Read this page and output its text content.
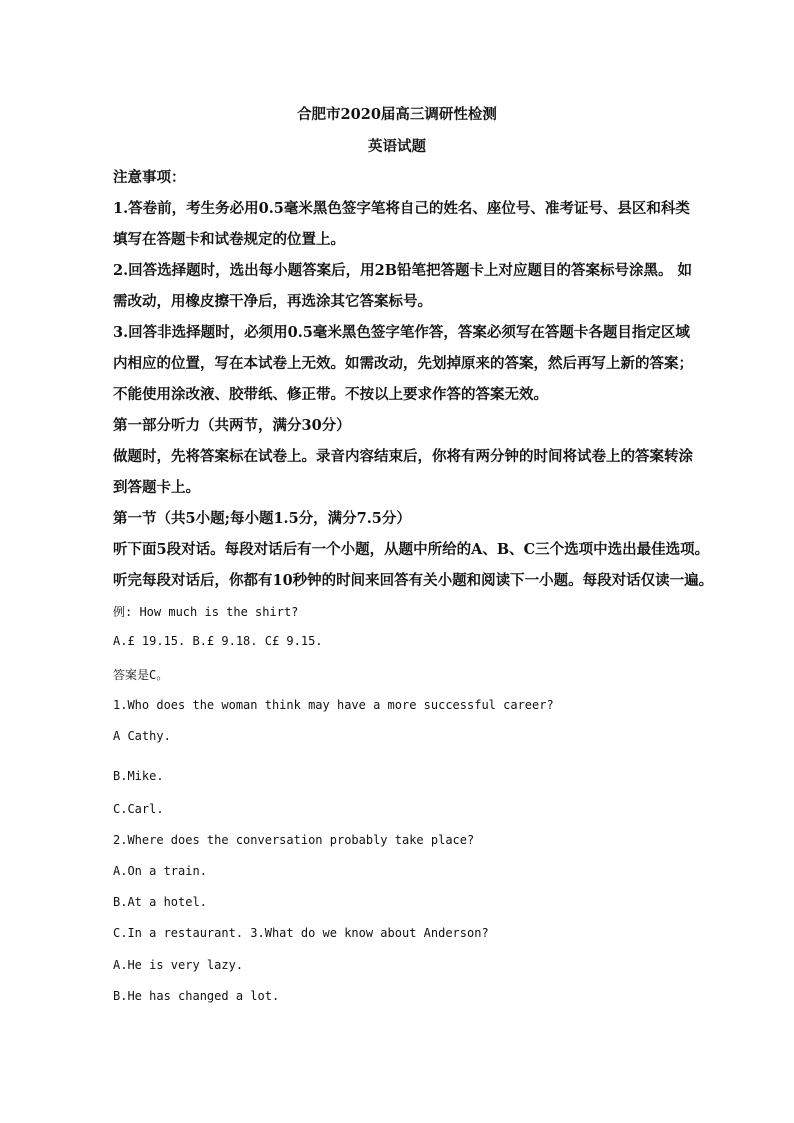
合肥市2020届高三调研性检测
英语试题
注意事项：
1.答卷前，考生务必用0.5毫米黑色签字笔将自己的姓名、座位号、准考证号、县区和科类
填写在答题卡和试卷规定的位置上。
2.回答选择题时，选出每小题答案后，用2B铅笔把答题卡上对应题目的答案标号涂黑。 如
需改动，用橡皮擦干净后，再选涂其它答案标号。
3.回答非选择题时，必须用0.5毫米黑色签字笔作答，答案必须写在答题卡各题目指定区域
内相应的位置，写在本试卷上无效。如需改动，先划掉原来的答案，然后再写上新的答案；
不能使用涂改液、胶带纸、修正带。不按以上要求作答的答案无效。
第一部分听力（共两节，满分30分）
做题时，先将答案标在试卷上。录音内容结束后，你将有两分钟的时间将试卷上的答案转涂
到答题卡上。
第一节（共5小题;每小题1.5分，满分7.5分）
听下面5段对话。每段对话后有一个小题，从题中所给的A、B、C三个选项中选出最佳选项。
听完每段对话后，你都有10秒钟的时间来回答有关小题和阅读下一小题。每段对话仅读一遍。
例: How much is the shirt?
A.£ 19.15. B.£ 9.18. C£ 9.15.
答案是C。
1.Who does the woman think may have a more successful career?
A Cathy.
B.Mike.
C.Carl.
2.Where does the conversation probably take place?
A.On a train.
B.At a hotel.
C.In a restaurant. 3.What do we know about Anderson?
A.He is very lazy.
B.He has changed a lot.
